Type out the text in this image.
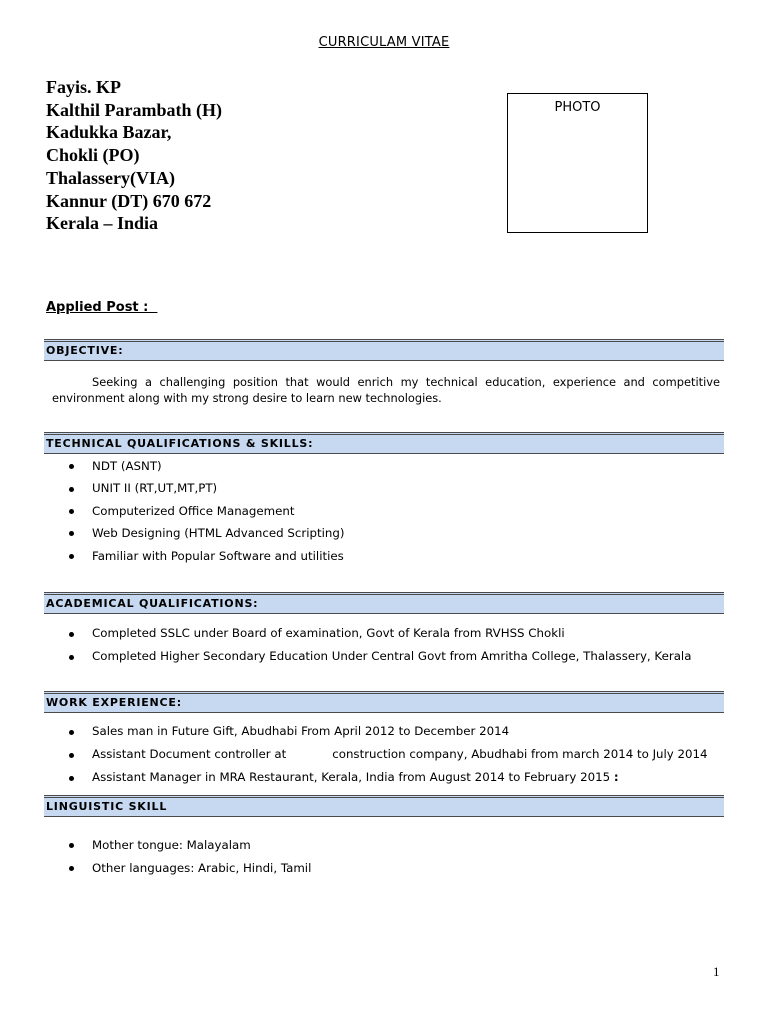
CURRICULAM VITAE
Fayis. KP
Kalthil Parambath (H)
Kadukka Bazar,
Chokli (PO)
Thalassery(VIA)
Kannur (DT) 670 672
Kerala – India
PHOTO
Applied Post :
OBJECTIVE:
Seeking a challenging position that would enrich my technical education, experience and competitive environment along with my strong desire to learn new technologies.
TECHNICAL QUALIFICATIONS & SKILLS:
NDT (ASNT)
UNIT II (RT,UT,MT,PT)
Computerized Office Management
Web Designing (HTML Advanced Scripting)
Familiar with Popular Software and utilities
ACADEMICAL QUALIFICATIONS:
Completed SSLC under Board of examination, Govt of Kerala from RVHSS Chokli
Completed Higher Secondary Education Under Central Govt from Amritha College, Thalassery, Kerala
WORK EXPERIENCE:
Sales man in Future Gift, Abudhabi From April 2012 to December 2014
Assistant Document controller at	construction company, Abudhabi from march 2014 to July 2014
Assistant Manager in MRA Restaurant, Kerala, India from August 2014 to February 2015 :
LINGUISTIC SKILL
Mother tongue: Malayalam
Other languages: Arabic, Hindi, Tamil
1
